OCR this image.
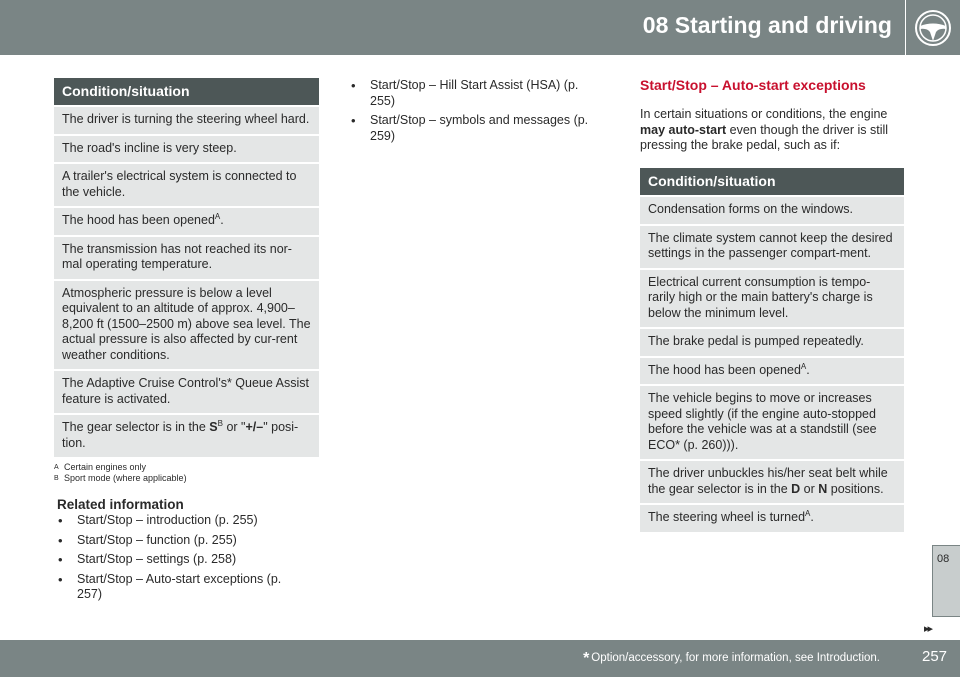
08 Starting and driving
Condition/situation
The driver is turning the steering wheel hard.
The road's incline is very steep.
A trailer's electrical system is connected to the vehicle.
The hood has been opened$^A$.
The transmission has not reached its nor-mal operating temperature.
Atmospheric pressure is below a level equivalent to an altitude of approx. 4,900–8,200 ft (1500–2500 m) above sea level. The actual pressure is also affected by cur-rent weather conditions.
The Adaptive Cruise Control's* Queue Assist feature is activated.
The gear selector is in the $S^B$ or "+/–" posi-tion.
A Certain engines only
B Sport mode (where applicable)
Related information
• Start/Stop – introduction (p. 255)
• Start/Stop – function (p. 255)
• Start/Stop – settings (p. 258)
• Start/Stop – Auto-start exceptions (p. 257)
• Start/Stop – Hill Start Assist (HSA) (p. 255)
• Start/Stop – symbols and messages (p. 259)
Start/Stop – Auto-start exceptions
In certain situations or conditions, the engine may auto-start even though the driver is still pressing the brake pedal, such as if:
Condition/situation
Condensation forms on the windows.
The climate system cannot keep the desired settings in the passenger compart-ment.
Electrical current consumption is tempo-rarily high or the main battery's charge is below the minimum level.
The brake pedal is pumped repeatedly.
The hood has been opened$^A$.
The vehicle begins to move or increases speed slightly (if the engine auto-stopped before the vehicle was at a standstill (see ECO* (p. 260))).
The driver unbuckles his/her seat belt while the gear selector is in the D or N positions.
The steering wheel is turned$^A$.
08
▸▸
* Option/accessory, for more information, see Introduction.	257
